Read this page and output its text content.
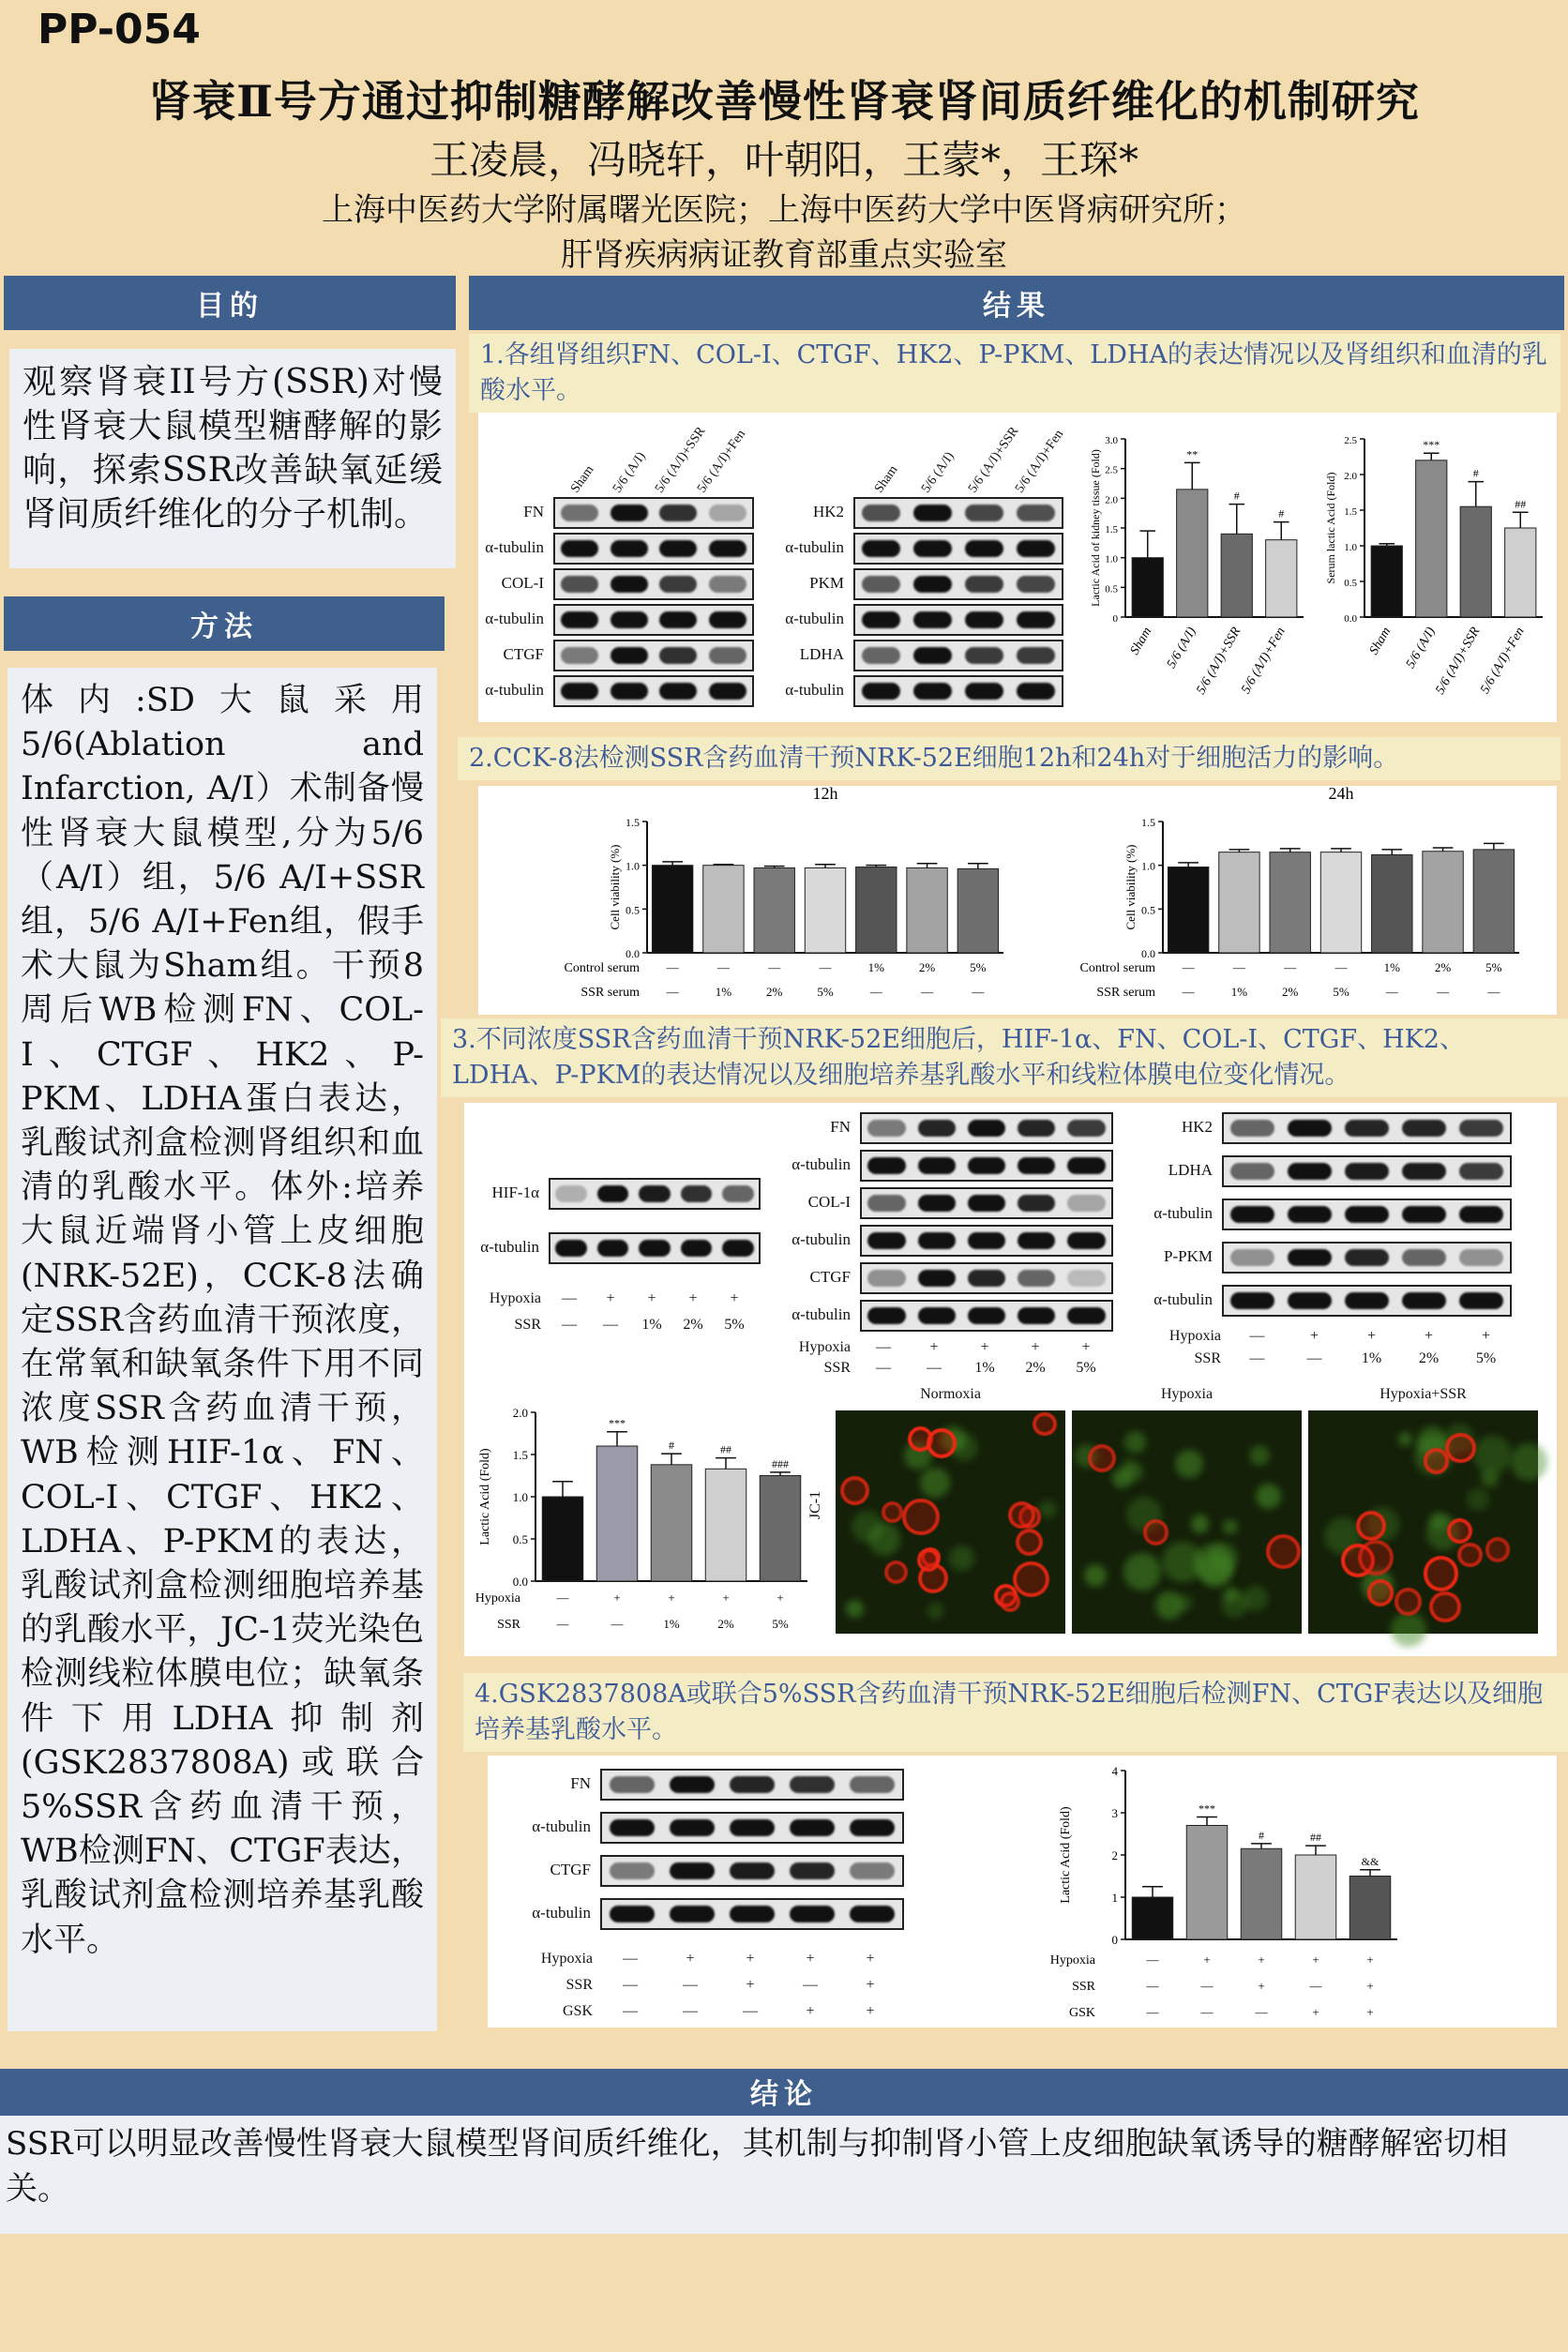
PP-054
肾衰Ⅱ号方通过抑制糖酵解改善慢性肾衰肾间质纤维化的机制研究
王凌晨，冯晓轩，叶朝阳，王蒙*，王琛*
上海中医药大学附属曙光医院；上海中医药大学中医肾病研究所；
肝肾疾病病证教育部重点实验室
目的
观察肾衰II号方(SSR)对慢性肾衰大鼠模型糖酵解的影响，探索SSR改善缺氧延缓肾间质纤维化的分子机制。
方法
体内:SD大鼠采用5/6(Ablation and Infarction, A/I）术制备慢性肾衰大鼠模型,分为5/6（A/I）组，5/6 A/I+SSR组，5/6 A/I+Fen组，假手术大鼠为Sham组。干预8周后WB检测FN、COL-I、CTGF、HK2、P-PKM、LDHA蛋白表达，乳酸试剂盒检测肾组织和血清的乳酸水平。体外:培养大鼠近端肾小管上皮细胞(NRK-52E)，CCK-8法确定SSR含药血清干预浓度，在常氧和缺氧条件下用不同浓度SSR含药血清干预，WB检测HIF-1α、FN、COL-I、CTGF、HK2、LDHA、P-PKM的表达，乳酸试剂盒检测细胞培养基的乳酸水平，JC-1荧光染色检测线粒体膜电位；缺氧条件下用LDHA抑制剂(GSK2837808A)或联合5%SSR含药血清干预，WB检测FN、CTGF表达，乳酸试剂盒检测培养基乳酸水平。
结果
1.各组肾组织FN、COL-Ⅰ、CTGF、HK2、P-PKM、LDHA的表达情况以及肾组织和血清的乳酸水平。
Sham	5/6 (A/I) 5/6 (A/I)+SSR
5/6 (A/I)+Fen
FN
α-tubulin
COL-I
α-tubulin
CTGF
α-tubulin
Sham	5/6 (A/I) 5/6 (A/I)+SSR
5/6 (A/I)+Fen
HK2
α-tubulin
PKM
α-tubulin
LDHA
α-tubulin
0
0.5
1.0
1.5
2.0
2.5
3.0
Lactic Acid of kidney tissue (Fold)
Sham
**
5/6 (A/I)
#
5/6 (A/I)+SSR
#
5/6 (A/I)+Fen
0.0
0.5
1.0
1.5
2.0
2.5
Serum lactic Acid (Fold)
Sham
***
5/6 (A/I)
#
5/6 (A/I)+SSR
##
5/6 (A/I)+Fen
2.CCK-8法检测SSR含药血清干预NRK-52E细胞12h和24h对于细胞活力的影响。
0.0
0.5
1.0
1.5
Cell viability (%)
12h
Control serum —	—	—	—	1%	2%	5%
SSR serum —	1%	2%	5%	—	—	—
0.0
0.5
1.0
1.5
Cell viability (%)
24h
Control serum —	—	—	—	1%	2%	5%
SSR serum —	1%	2%	5%	—	—	—
3.不同浓度SSR含药血清干预NRK-52E细胞后，HIF-1α、FN、COL-Ⅰ、CTGF、HK2、LDHA、P-PKM的表达情况以及细胞培养基乳酸水平和线粒体膜电位变化情况。
HIF-1α
α-tubulin
Hypoxia	—	+	+	+	+
SSR	—	—	1%	2%	5%
FN
α-tubulin
COL-I
α-tubulin
CTGF
α-tubulin
Hypoxia	—	+	+	+	+
SSR	—	—	1%	2%	5%
HK2
LDHA
α-tubulin
P-PKM
α-tubulin
Hypoxia	—	+	+	+	+
SSR	—	—	1%	2%	5%
0.0
0.5
1.0
1.5
2.0
Lactic Acid (Fold)
***
#	##
###
Hypoxia	—	+	+	+	+
SSR	—	—	1%	2%	5%
JC-1
Normoxia	Hypoxia	Hypoxia+SSR
4.GSK2837808A或联合5%SSR含药血清干预NRK-52E细胞后检测FN、CTGF表达以及细胞培养基乳酸水平。
FN
α-tubulin
CTGF
α-tubulin
Hypoxia	—	+	+	+	+
SSR	—	—	+	—	+
GSK	—	—	—	+	+
0
1
2
3
4
Lactic Acid (Fold)	***
#	##
&&
Hypoxia	—	+	+	+	+
SSR	—	—	+	—	+
GSK	—	—	—	+	+
结论
SSR可以明显改善慢性肾衰大鼠模型肾间质纤维化，其机制与抑制肾小管上皮细胞缺氧诱导的糖酵解密切相关。
